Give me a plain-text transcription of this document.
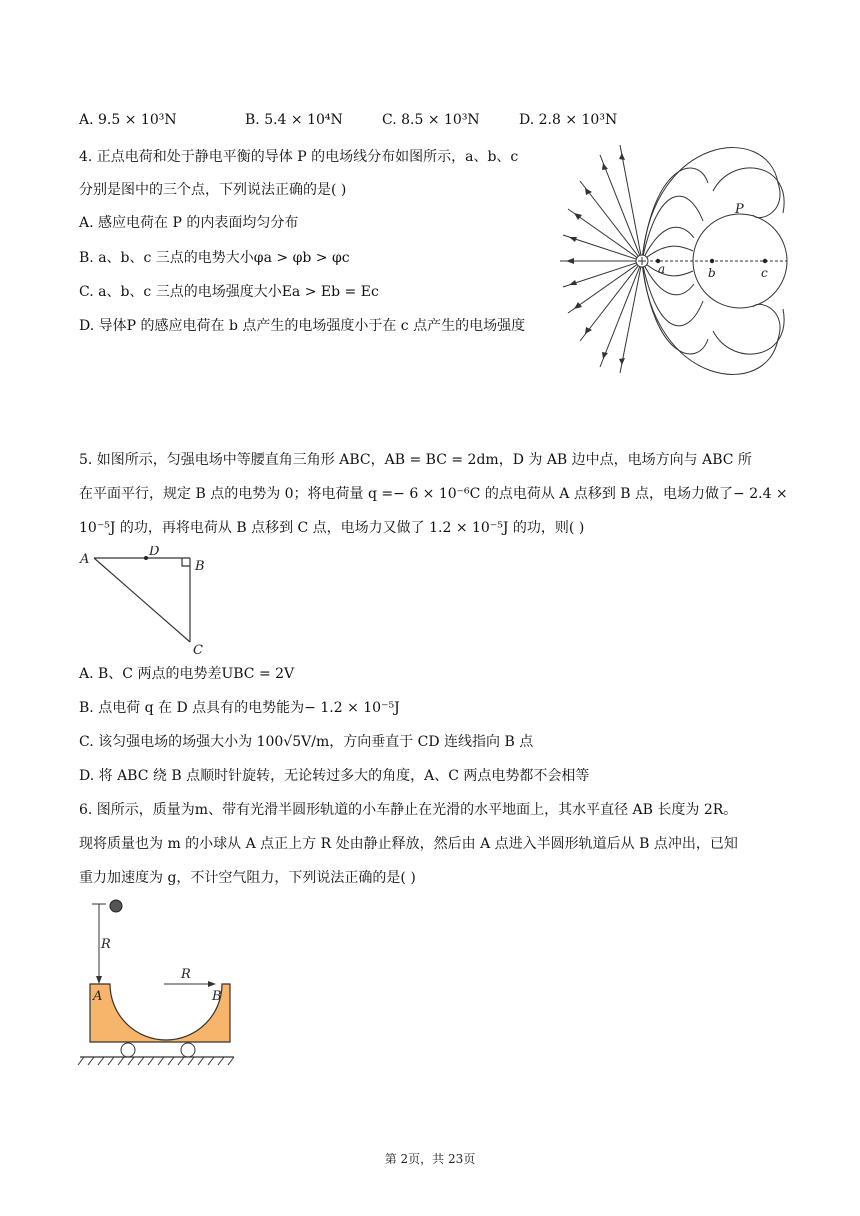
A. 9.5 × 10³N	B. 5.4 × 10⁴N	C. 8.5 × 10³N	D. 2.8 × 10³N
4. 正点电荷和处于静电平衡的导体 P 的电场线分布如图所示，a、b、c
分别是图中的三个点，下列说法正确的是( )
A. 感应电荷在 P 的内表面均匀分布
B. a、b、c 三点的电势大小φa > φb > φc
C. a、b、c 三点的电场强度大小Ea > Eb = Ec
D. 导体P 的感应电荷在 b 点产生的电场强度小于在 c 点产生的电场强度
P
a	b	c
5. 如图所示，匀强电场中等腰直角三角形 ABC，AB = BC = 2dm，D 为 AB 边中点，电场方向与 ABC 所
在平面平行，规定 B 点的电势为 0；将电荷量 q =− 6 × 10⁻⁶C 的点电荷从 A 点移到 B 点，电场力做了− 2.4 ×
10⁻⁵J 的功，再将电荷从 B 点移到 C 点，电场力又做了 1.2 × 10⁻⁵J 的功，则( )
A
D
B
C
A. B、C 两点的电势差UBC = 2V
B. 点电荷 q 在 D 点具有的电势能为− 1.2 × 10⁻⁵J
C. 该匀强电场的场强大小为 100√5V/m，方向垂直于 CD 连线指向 B 点
D. 将 ABC 绕 B 点顺时针旋转，无论转过多大的角度，A、C 两点电势都不会相等
6. 图所示，质量为m、带有光滑半圆形轨道的小车静止在光滑的水平地面上，其水平直径 AB 长度为 2R。
现将质量也为 m 的小球从 A 点正上方 R 处由静止释放，然后由 A 点进入半圆形轨道后从 B 点冲出，已知
重力加速度为 g，不计空气阻力，下列说法正确的是( )
R
R
A	B
第 2页，共 23页
